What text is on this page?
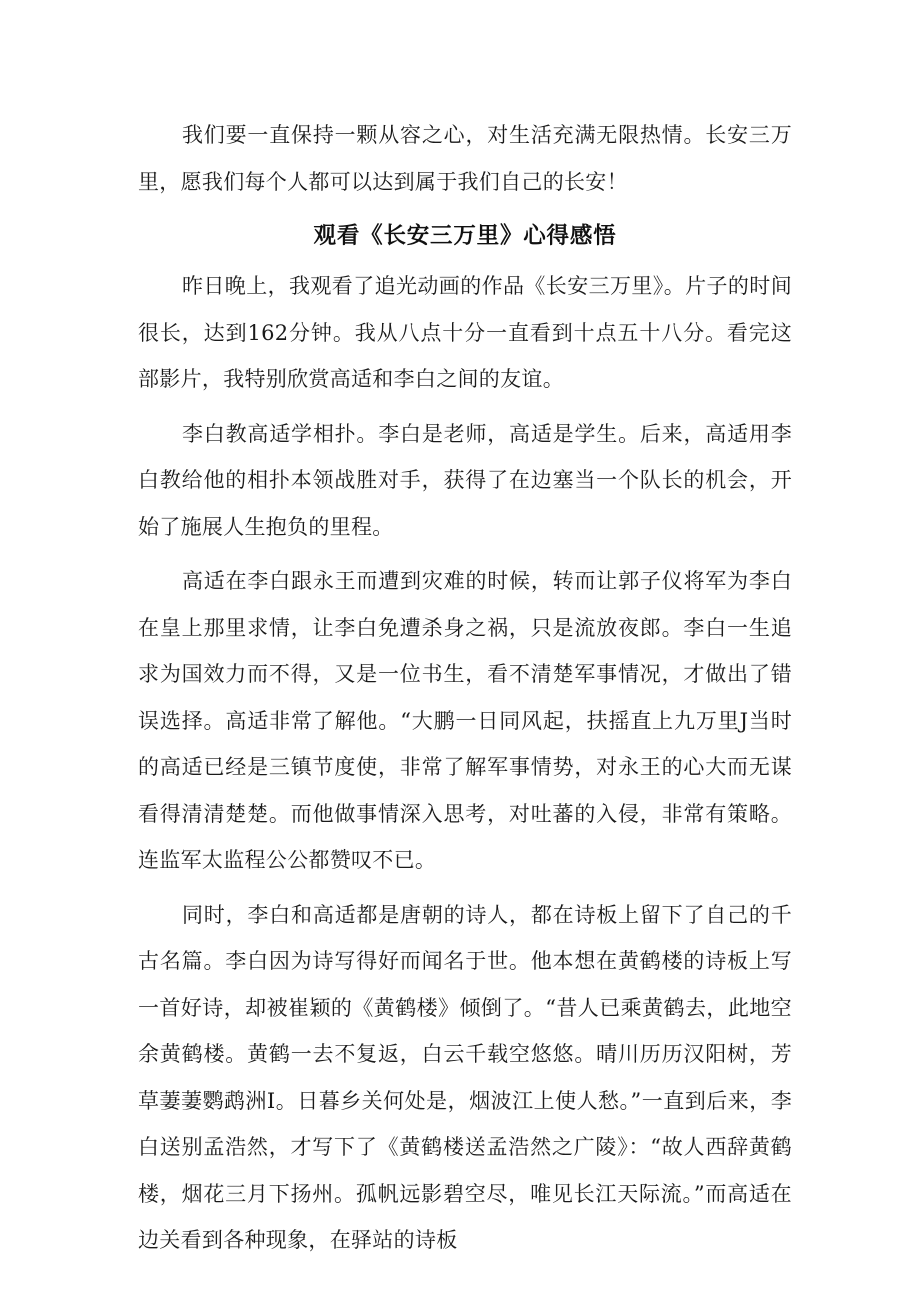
我们要一直保持一颗从容之心，对生活充满无限热情。长安三万里，愿我们每个人都可以达到属于我们自己的长安！

观看《长安三万里》心得感悟

昨日晚上，我观看了追光动画的作品《长安三万里》。片子的时间很长，达到162分钟。我从八点十分一直看到十点五十八分。看完这部影片，我特别欣赏高适和李白之间的友谊。

李白教高适学相扑。李白是老师，高适是学生。后来，高适用李白教给他的相扑本领战胜对手，获得了在边塞当一个队长的机会，开始了施展人生抱负的里程。

高适在李白跟永王而遭到灾难的时候，转而让郭子仪将军为李白在皇上那里求情，让李白免遭杀身之祸，只是流放夜郎。李白一生追求为国效力而不得，又是一位书生，看不清楚军事情况，才做出了错误选择。高适非常了解他。“大鹏一日同风起，扶摇直上九万里J当时的高适已经是三镇节度使，非常了解军事情势，对永王的心大而无谋看得清清楚楚。而他做事情深入思考，对吐蕃的入侵，非常有策略。连监军太监程公公都赞叹不已。

同时，李白和高适都是唐朝的诗人，都在诗板上留下了自己的千古名篇。李白因为诗写得好而闻名于世。他本想在黄鹤楼的诗板上写一首好诗，却被崔颖的《黄鹤楼》倾倒了。“昔人已乘黄鹤去，此地空余黄鹤楼。黄鹤一去不复返，白云千载空悠悠。晴川历历汉阳树，芳草萋萋鹦鹉洲I。日暮乡关何处是，烟波江上使人愁。”一直到后来，李白送别孟浩然，才写下了《黄鹤楼送孟浩然之广陵》：“故人西辞黄鹤楼，烟花三月下扬州。孤帆远影碧空尽，唯见长江天际流。”而高适在边关看到各种现象，在驿站的诗板
